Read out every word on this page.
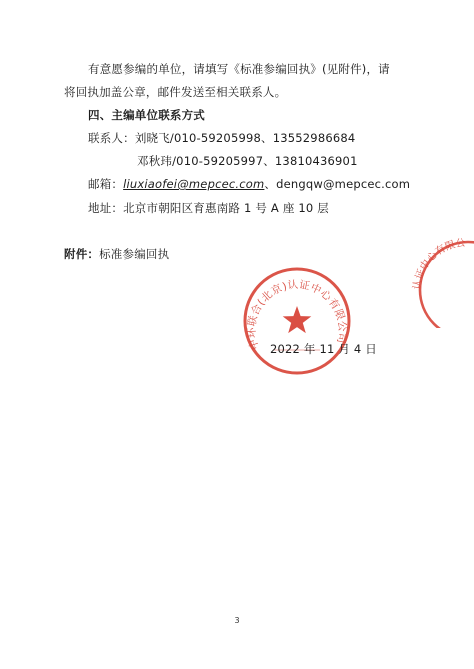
有意愿参编的单位，请填写《标准参编回执》(见附件)，请
将回执加盖公章，邮件发送至相关联系人。
四、主编单位联系方式
联系人：刘晓飞/010-59205998、13552986684
邓秋玮/010-59205997、13810436901
邮箱：liuxiaofei@mepcec.com、dengqw@mepcec.com
地址：北京市朝阳区育惠南路 1 号 A 座 10 层
附件：标准参编回执
认证中心有限公
中环联合(北京)认证中心有限公司
2022 年 11 月 4 日
3
